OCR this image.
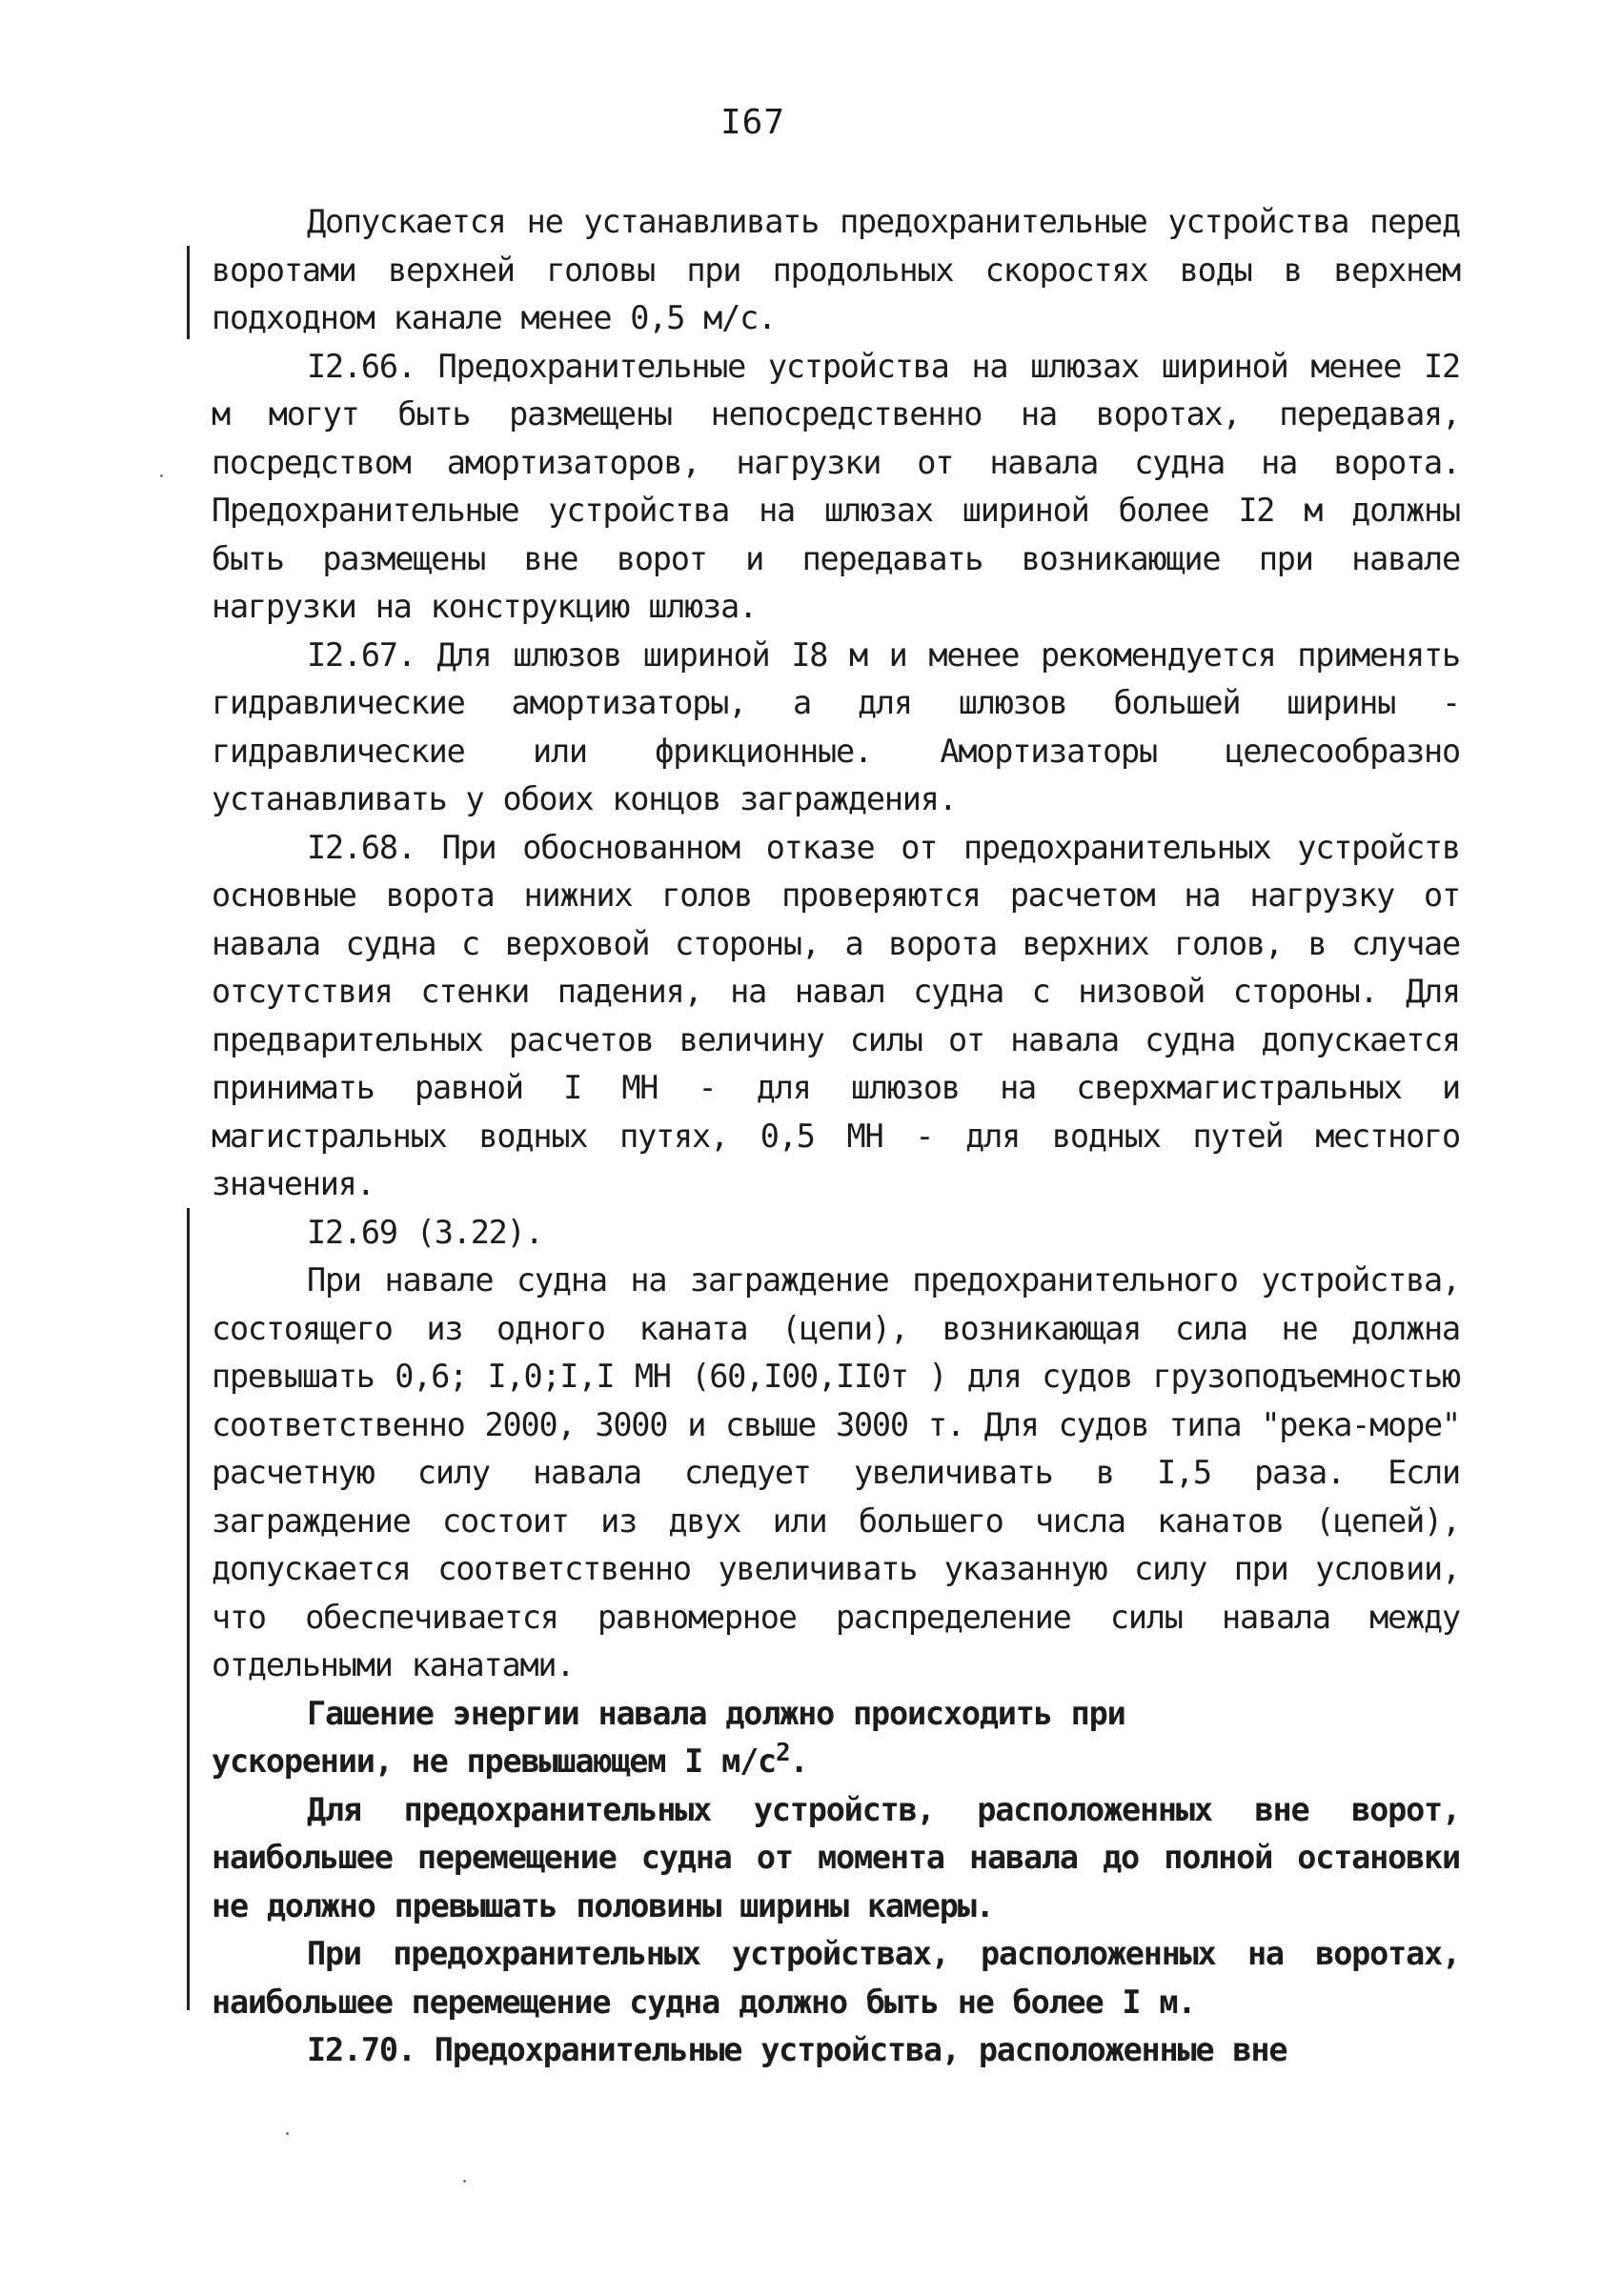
I67

Допускается не устанавливать предохранительные устройства перед воротами верхней головы при продольных скоростях воды в верхнем подходном канале менее 0,5 м/с.

I2.66. Предохранительные устройства на шлюзах шириной менее I2 м могут быть размещены непосредственно на воротах, передавая, посредством амортизаторов, нагрузки от навала судна на ворота. Предохранительные устройства на шлюзах шириной более I2 м должны быть размещены вне ворот и передавать возникающие при навале нагрузки на конструкцию шлюза.

I2.67. Для шлюзов шириной I8 м и менее рекомендуется применять гидравлические амортизаторы, а для шлюзов большей ширины - гидравлические или фрикционные. Амортизаторы целесообразно устанавливать у обоих концов заграждения.

I2.68. При обоснованном отказе от предохранительных устройств основные ворота нижних голов проверяются расчетом на нагрузку от навала судна с верховой стороны, а ворота верхних голов, в случае отсутствия стенки падения, на навал судна с низовой стороны. Для предварительных расчетов величину силы от навала судна допускается принимать равной I МН - для шлюзов на сверхмагистральных и магистральных водных путях, 0,5 МН - для водных путей местного значения.

I2.69 (3.22).

При навале судна на заграждение предохранительного устройства, состоящего из одного каната (цепи), возникающая сила не должна превышать 0,6; I,0;I,I МН (60,I00,II0т ) для судов грузоподъемностью соответственно 2000, 3000 и свыше 3000 т. Для судов типа "река-море" расчетную силу навала следует увеличивать в I,5 раза. Если заграждение состоит из двух или большего числа канатов (цепей), допускается соответственно увеличивать указанную силу при условии, что обеспечивается равномерное распределение силы навала между отдельными канатами.

Гашение энергии навала должно происходить при ускорении, не превышающем I $м/с^2$.

Для предохранительных устройств, расположенных вне ворот, наибольшее перемещение судна от момента навала до полной остановки не должно превышать половины ширины камеры.

При предохранительных устройствах, расположенных на воротах, наибольшее перемещение судна должно быть не более I м.

I2.70. Предохранительные устройства, расположенные вне
